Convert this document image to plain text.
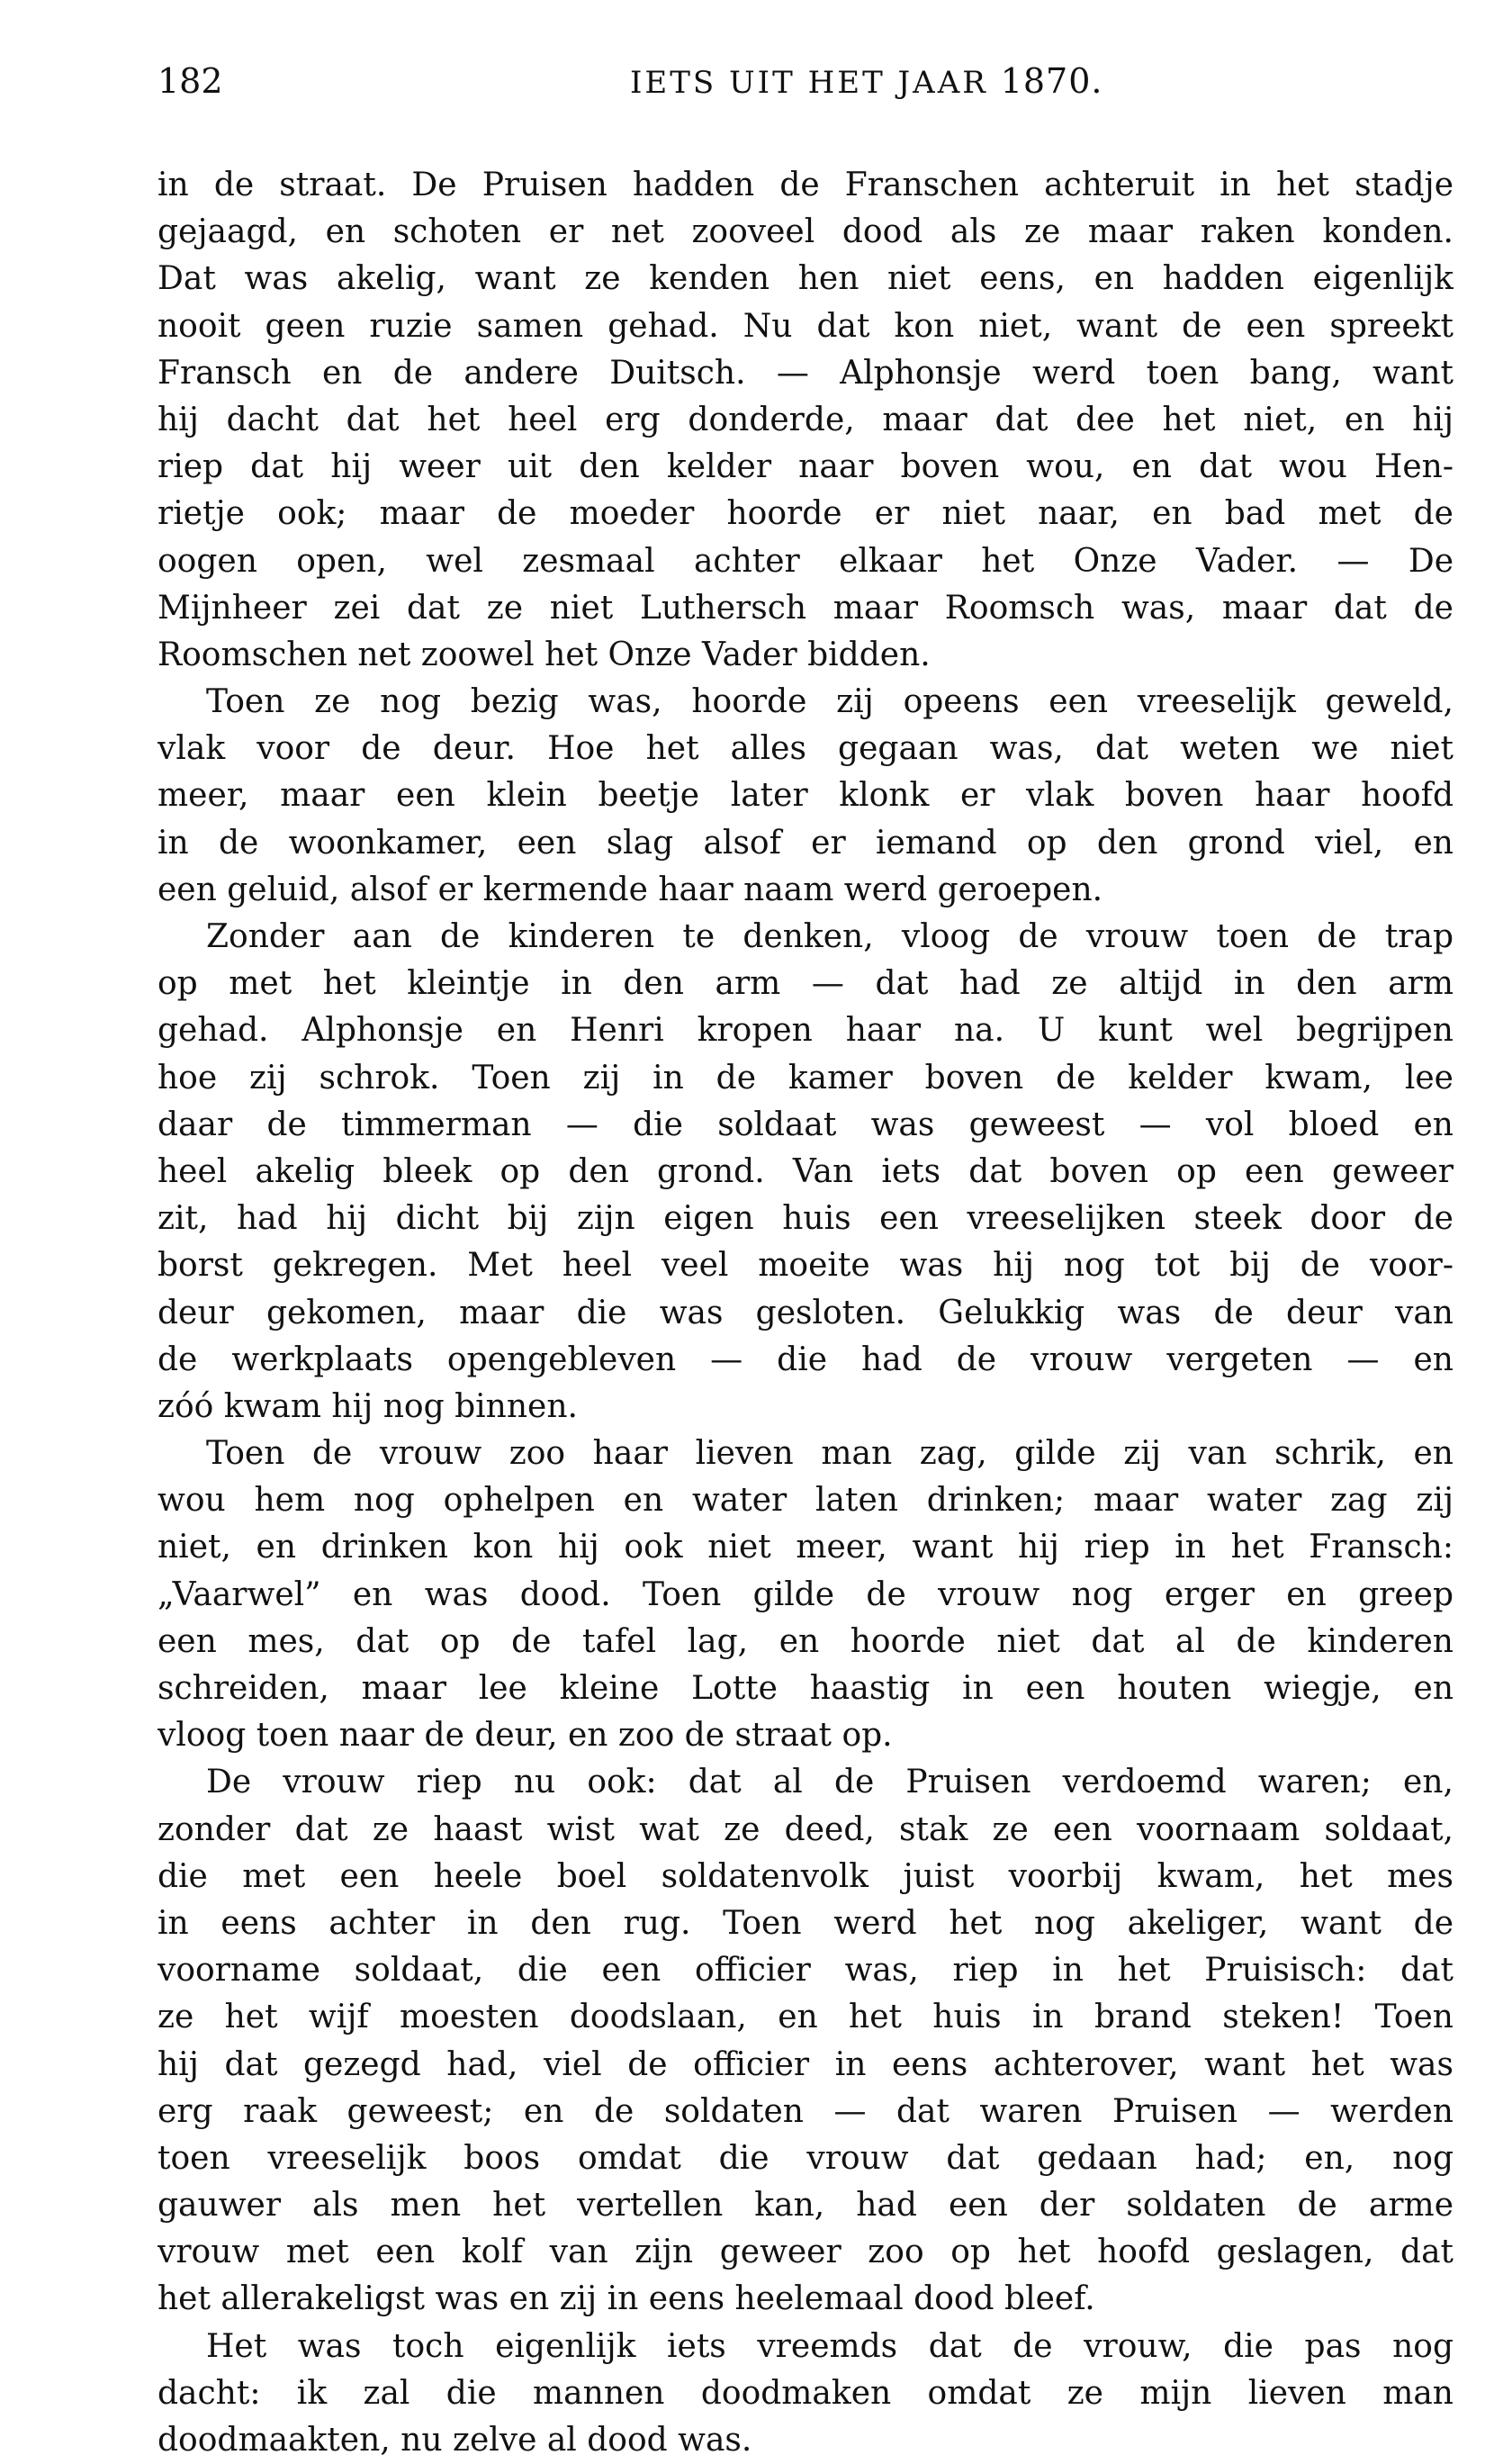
182	IETS UIT HET JAAR 1870.
in de straat. De Pruisen hadden de Franschen achteruit in het stadje
gejaagd, en schoten er net zooveel dood als ze maar raken konden.
Dat was akelig, want ze kenden hen niet eens, en hadden eigenlijk
nooit geen ruzie samen gehad. Nu dat kon niet, want de een spreekt
Fransch en de andere Duitsch. — Alphonsje werd toen bang, want
hij dacht dat het heel erg donderde, maar dat dee het niet, en hij
riep dat hij weer uit den kelder naar boven wou, en dat wou Hen-
rietje ook; maar de moeder hoorde er niet naar, en bad met de
oogen open, wel zesmaal achter elkaar het Onze Vader. — De
Mijnheer zei dat ze niet Luthersch maar Roomsch was, maar dat de
Roomschen net zoowel het Onze Vader bidden.
Toen ze nog bezig was, hoorde zij opeens een vreeselijk geweld,
vlak voor de deur. Hoe het alles gegaan was, dat weten we niet
meer, maar een klein beetje later klonk er vlak boven haar hoofd
in de woonkamer, een slag alsof er iemand op den grond viel, en
een geluid, alsof er kermende haar naam werd geroepen.
Zonder aan de kinderen te denken, vloog de vrouw toen de trap
op met het kleintje in den arm — dat had ze altijd in den arm
gehad. Alphonsje en Henri kropen haar na. U kunt wel begrijpen
hoe zij schrok. Toen zij in de kamer boven de kelder kwam, lee
daar de timmerman — die soldaat was geweest — vol bloed en
heel akelig bleek op den grond. Van iets dat boven op een geweer
zit, had hij dicht bij zijn eigen huis een vreeselijken steek door de
borst gekregen. Met heel veel moeite was hij nog tot bij de voor-
deur gekomen, maar die was gesloten. Gelukkig was de deur van
de werkplaats opengebleven — die had de vrouw vergeten — en
zóó kwam hij nog binnen.
Toen de vrouw zoo haar lieven man zag, gilde zij van schrik, en
wou hem nog ophelpen en water laten drinken; maar water zag zij
niet, en drinken kon hij ook niet meer, want hij riep in het Fransch:
„Vaarwel” en was dood. Toen gilde de vrouw nog erger en greep
een mes, dat op de tafel lag, en hoorde niet dat al de kinderen
schreiden, maar lee kleine Lotte haastig in een houten wiegje, en
vloog toen naar de deur, en zoo de straat op.
De vrouw riep nu ook: dat al de Pruisen verdoemd waren; en,
zonder dat ze haast wist wat ze deed, stak ze een voornaam soldaat,
die met een heele boel soldatenvolk juist voorbij kwam, het mes
in eens achter in den rug. Toen werd het nog akeliger, want de
voorname soldaat, die een officier was, riep in het Pruisisch: dat
ze het wijf moesten doodslaan, en het huis in brand steken! Toen
hij dat gezegd had, viel de officier in eens achterover, want het was
erg raak geweest; en de soldaten — dat waren Pruisen — werden
toen vreeselijk boos omdat die vrouw dat gedaan had; en, nog
gauwer als men het vertellen kan, had een der soldaten de arme
vrouw met een kolf van zijn geweer zoo op het hoofd geslagen, dat
het allerakeligst was en zij in eens heelemaal dood bleef.
Het was toch eigenlijk iets vreemds dat de vrouw, die pas nog
dacht: ik zal die mannen doodmaken omdat ze mijn lieven man
doodmaakten, nu zelve al dood was.
